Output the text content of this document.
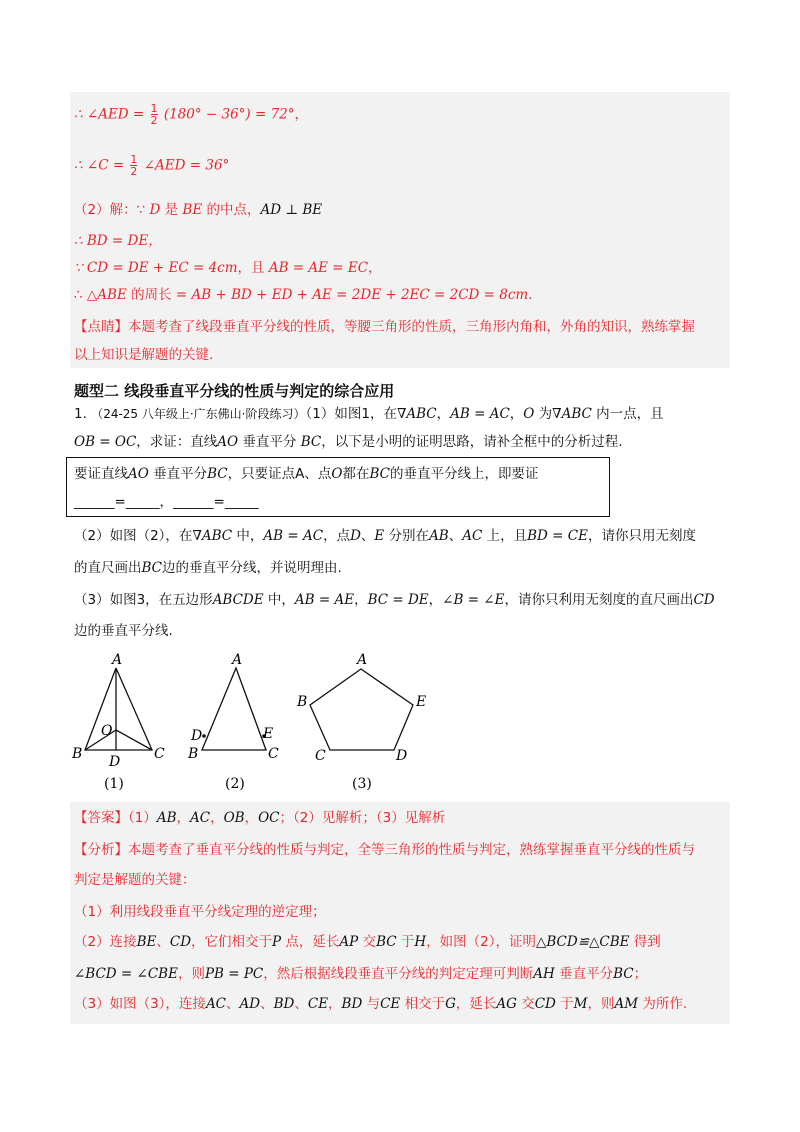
∴ ∠AED = $\frac{1}{2} (180^\circ - 36^\circ) = 72^\circ$，
∴ ∠C = $\frac{1}{2}$ ∠AED = 36°
（2）解：∵ D 是 BE 的中点，AD ⊥ BE
∴ BD = DE，
∵ CD = DE + EC = 4cm，且 AB = AE = EC，
∴ △ABE 的周长 = AB + BD + ED + AE = 2DE + 2EC = 2CD = 8cm.
【点睛】本题考查了线段垂直平分线的性质，等腰三角形的性质，三角形内角和，外角的知识，熟练掌握
以上知识是解题的关键.
题型二 线段垂直平分线的性质与判定的综合应用
1. （24-25 八年级上·广东佛山·阶段练习）（1）如图1，在∇ABC，AB = AC，O 为∇ABC 内一点，且
OB = OC，求证：直线AO 垂直平分 BC，以下是小明的证明思路，请补全框中的分析过程.
要证直线AO 垂直平分BC，只要证点A、点O都在BC的垂直平分线上，即要证
______=_____，______=_____
（2）如图（2），在∇ABC 中，AB = AC，点D、E 分别在AB、AC 上，且BD = CE，请你只用无刻度
的直尺画出BC边的垂直平分线，并说明理由.
（3）如图3，在五边形ABCDE 中，AB = AE，BC = DE，∠B = ∠E，请你只利用无刻度的直尺画出CD
边的垂直平分线.
A
B	C
O
D
(1)
A
B	C
D	E
(2)
A
B
C	D
E
(3)
【答案】（1）AB，AC，OB，OC；（2）见解析；（3）见解析
【分析】本题考查了垂直平分线的性质与判定，全等三角形的性质与判定，熟练掌握垂直平分线的性质与
判定是解题的关键：
（1）利用线段垂直平分线定理的逆定理；
（2）连接BE、CD，它们相交于P 点，延长AP 交BC 于H，如图（2），证明△BCD≌△CBE 得到
∠BCD = ∠CBE，则PB = PC，然后根据线段垂直平分线的判定定理可判断AH 垂直平分BC；
（3）如图（3），连接AC、AD、BD、CE，BD 与CE 相交于G，延长AG 交CD 于M，则AM 为所作.
